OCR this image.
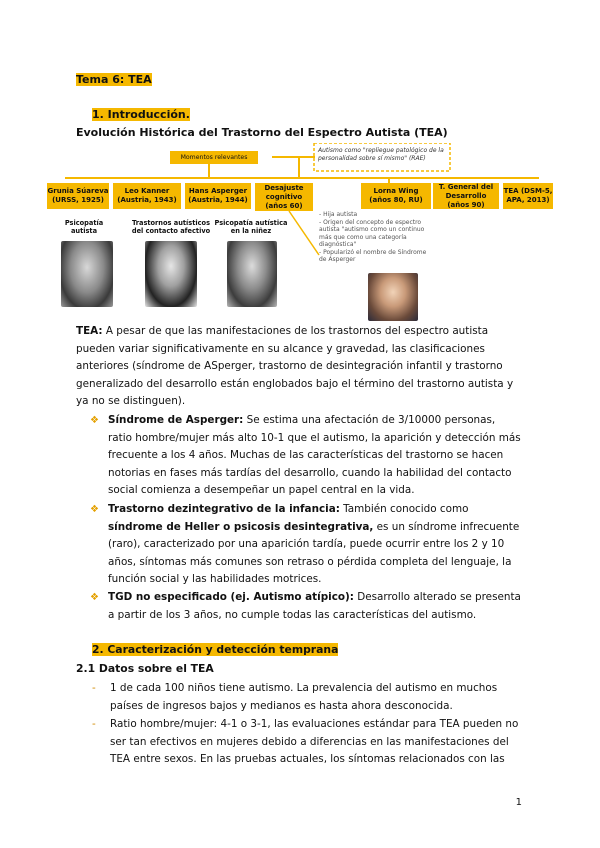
Tema 6: TEA
1. Introducción.
Evolución Histórica del Trastorno del Espectro Autista (TEA)
Momentos relevantes
Autismo como "repliegue patológico de la personalidad sobre sí mismo" (RAE)
Grunia Súareva
(URSS, 1925)
Leo Kanner
(Austria, 1943)
Hans Asperger
(Austria, 1944)
Desajuste cognitivo
(años 60)
Lorna Wing
(años 80, RU)
T. General del Desarrollo
(años 90)
TEA (DSM-5,
APA, 2013)
Psicopatía autista
Trastornos autísticos del contacto afectivo
Psicopatía autística en la niñez
- Hija autista
- Origen del concepto de espectro autista "autismo como un continuo más que como una categoría diagnóstica"
- Popularizó el nombre de Síndrome de Asperger
TEA: A pesar de que las manifestaciones de los trastornos del espectro autista pueden variar significativamente en su alcance y gravedad, las clasificaciones anteriores (síndrome de ASperger, trastorno de desintegración infantil y trastorno generalizado del desarrollo están englobados bajo el término del trastorno autista y ya no se distinguen).
❖ Síndrome de Asperger: Se estima una afectación de 3/10000 personas, ratio hombre/mujer más alto 10-1 que el autismo, la aparición y detección más frecuente a los 4 años. Muchas de las características del trastorno se hacen notorias en fases más tardías del desarrollo, cuando la habilidad del contacto social comienza a desempeñar un papel central en la vida.
❖ Trastorno dezintegrativo de la infancia: También conocido como síndrome de Heller o psicosis desintegrativa, es un síndrome infrecuente (raro), caracterizado por una aparición tardía, puede ocurrir entre los 2 y 10 años, síntomas más comunes son retraso o pérdida completa del lenguaje, la función social y las habilidades motrices.
❖ TGD no especificado (ej. Autismo atípico): Desarrollo alterado se presenta a partir de los 3 años, no cumple todas las características del autismo.
2. Caracterización y detección temprana
2.1 Datos sobre el TEA
-	1 de cada 100 niños tiene autismo. La prevalencia del autismo en muchos países de ingresos bajos y medianos es hasta ahora desconocida.
-	Ratio hombre/mujer: 4-1 o 3-1, las evaluaciones estándar para TEA pueden no ser tan efectivos en mujeres debido a diferencias en las manifestaciones del TEA entre sexos. En las pruebas actuales, los síntomas relacionados con las
1
